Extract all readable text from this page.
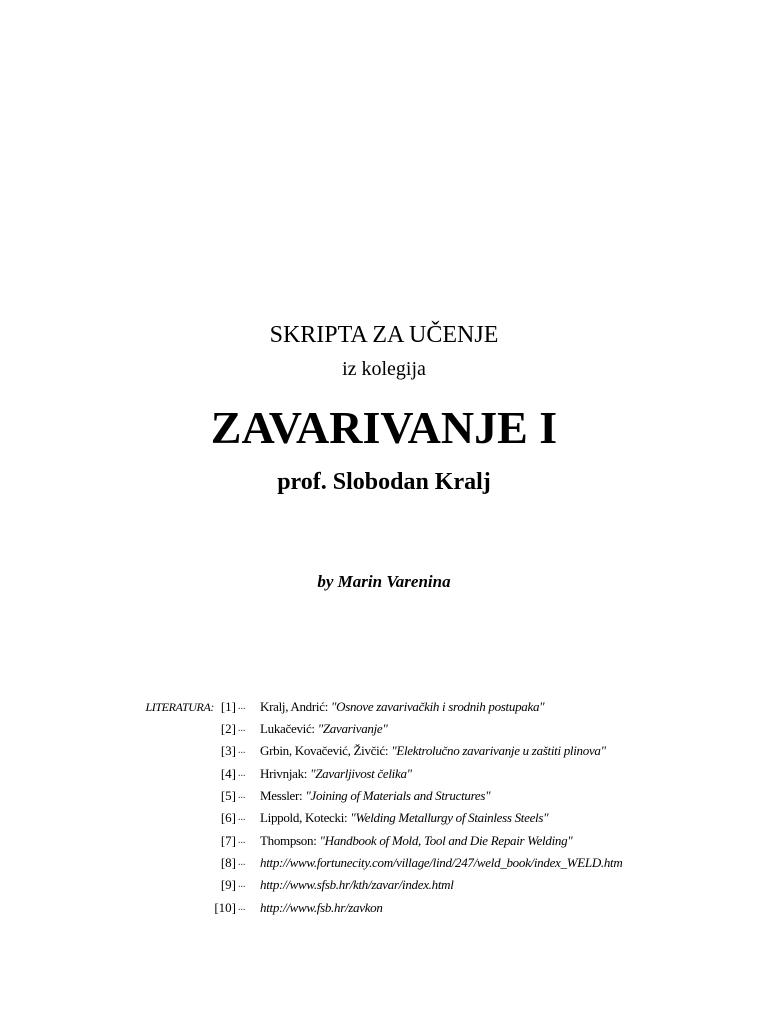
SKRIPTA ZA UČENJE
iz kolegija
ZAVARIVANJE I
prof. Slobodan Kralj
by Marin Varenina
LITERATURA: [1] ...	Kralj, Andrić: "Osnove zavarivačkih i srodnih postupaka"
[2] ...	Lukačević: "Zavarivanje"
[3] ...	Grbin, Kovačević, Živčić: "Elektrolučno zavarivanje u zaštiti plinova"
[4] ...	Hrivnjak: "Zavarljivost čelika"
[5] ...	Messler: "Joining of Materials and Structures"
[6] ...	Lippold, Kotecki: "Welding Metallurgy of Stainless Steels"
[7] ...	Thompson: "Handbook of Mold, Tool and Die Repair Welding"
[8] ...	http://www.fortunecity.com/village/lind/247/weld_book/index_WELD.htm
[9] ...	http://www.sfsb.hr/kth/zavar/index.html
[10] ...	http://www.fsb.hr/zavkon
